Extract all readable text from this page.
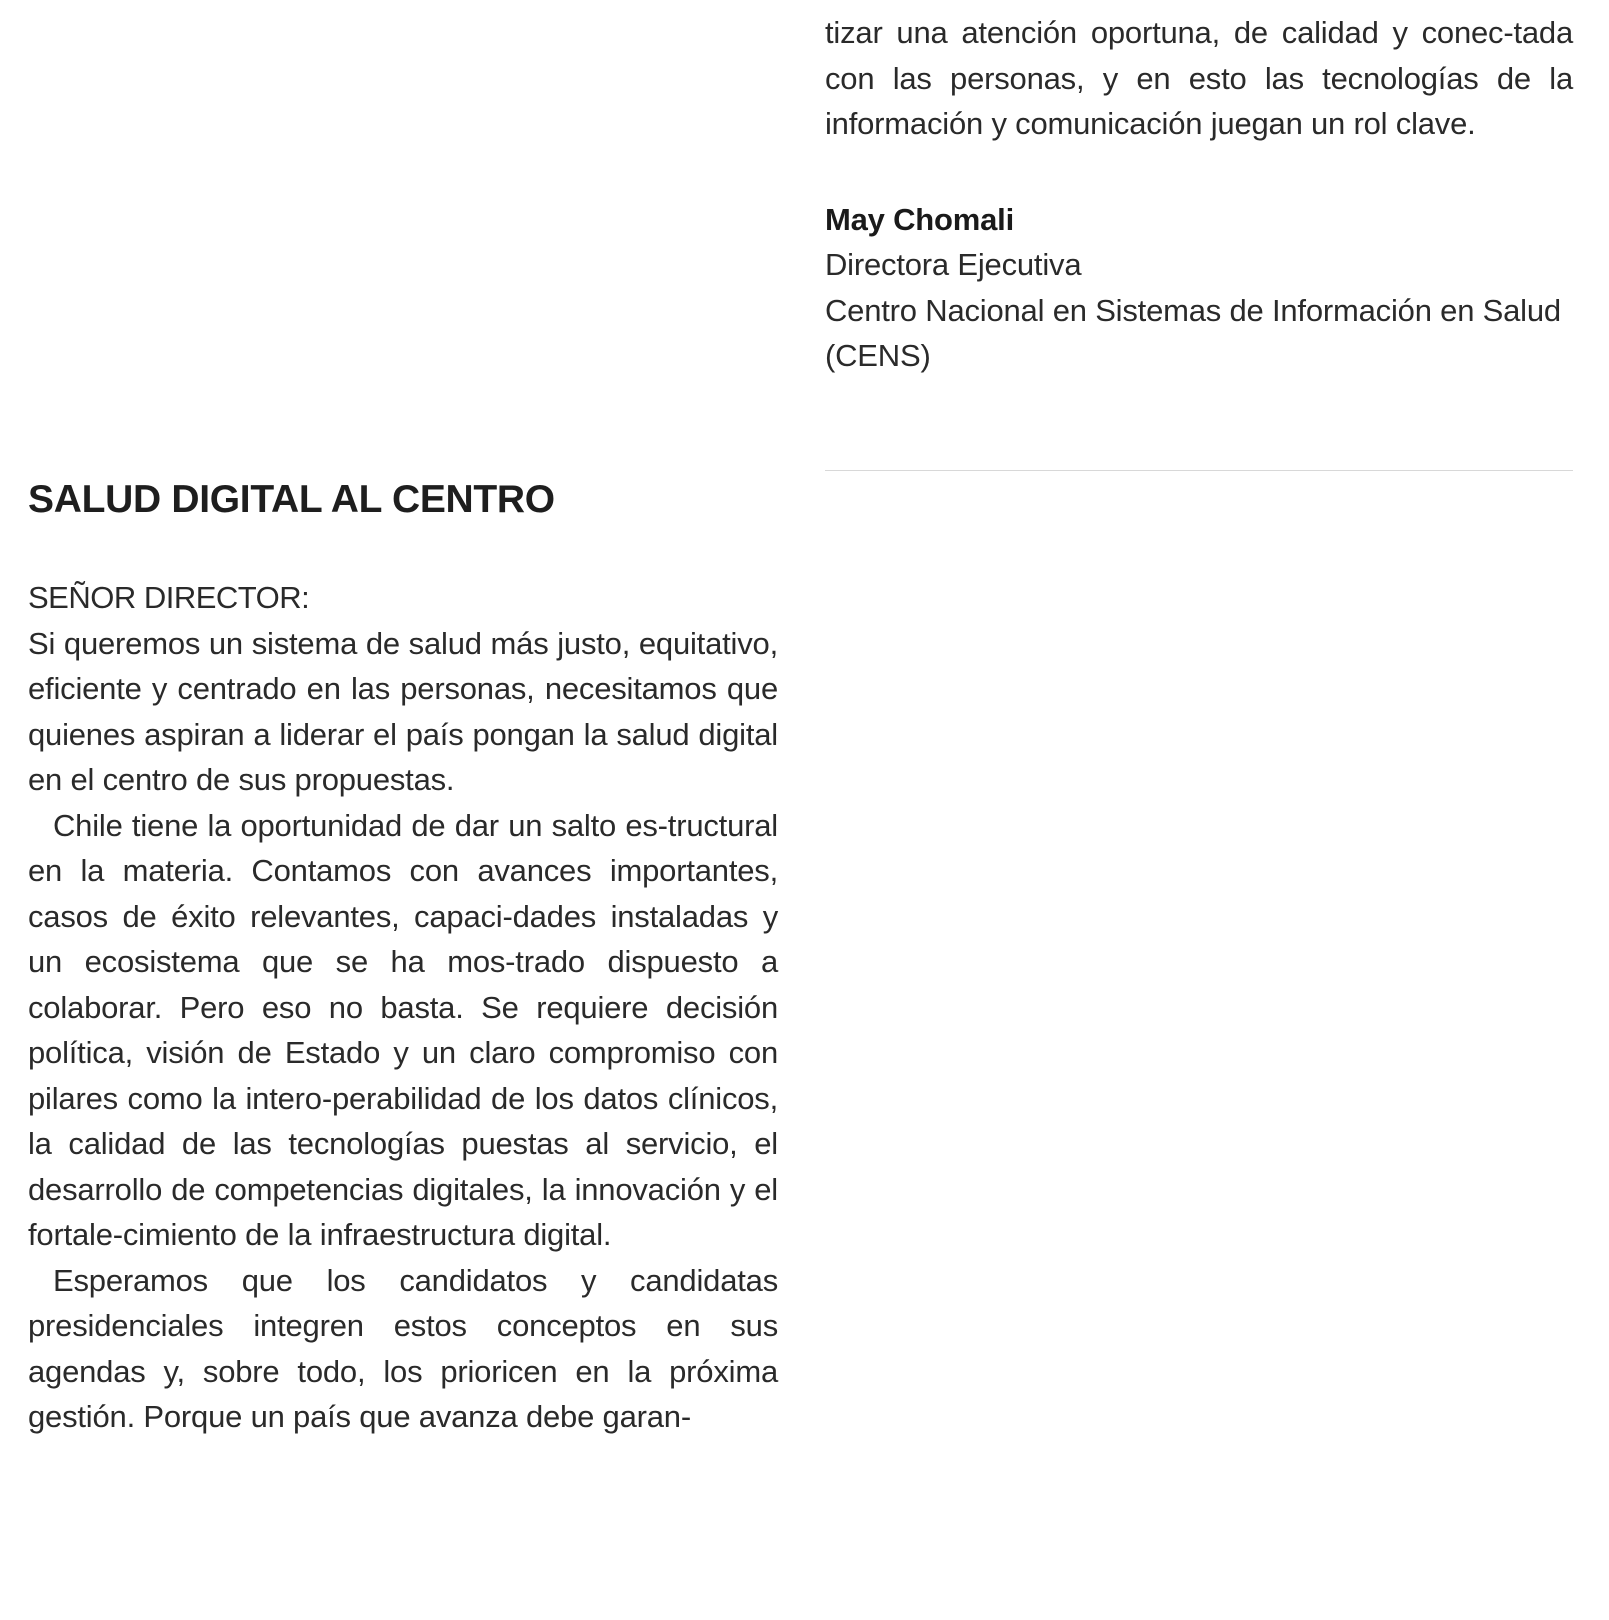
tizar una atención oportuna, de calidad y conec-tada con las personas, y en esto las tecnologías de la información y comunicación juegan un rol clave.

May Chomali
Directora Ejecutiva
Centro Nacional en Sistemas de Información en Salud (CENS)
SALUD DIGITAL AL CENTRO

SEÑOR DIRECTOR:

Si queremos un sistema de salud más justo, equitativo, eficiente y centrado en las personas, necesitamos que quienes aspiran a liderar el país pongan la salud digital en el centro de sus propuestas.

Chile tiene la oportunidad de dar un salto es-tructural en la materia. Contamos con avances importantes, casos de éxito relevantes, capaci-dades instaladas y un ecosistema que se ha mos-trado dispuesto a colaborar. Pero eso no basta. Se requiere decisión política, visión de Estado y un claro compromiso con pilares como la intero-perabilidad de los datos clínicos, la calidad de las tecnologías puestas al servicio, el desarrollo de competencias digitales, la innovación y el fortale-cimiento de la infraestructura digital.

Esperamos que los candidatos y candidatas presidenciales integren estos conceptos en sus agendas y, sobre todo, los prioricen en la próxima gestión. Porque un país que avanza debe garan-
